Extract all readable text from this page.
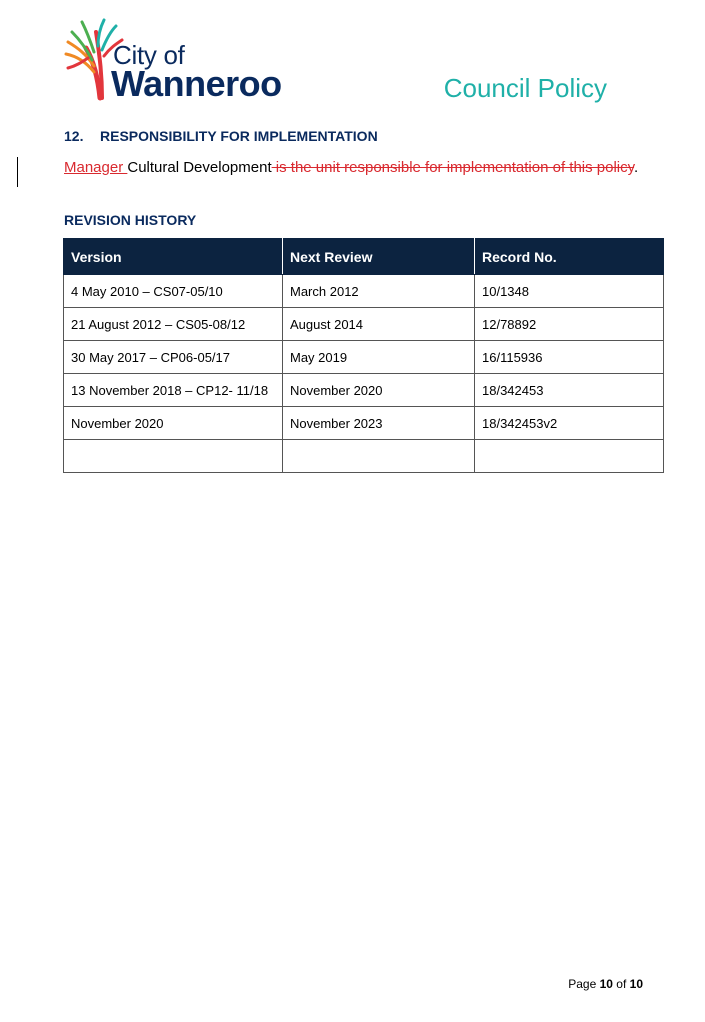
City of
Wanneroo	Council Policy
12. RESPONSIBILITY FOR IMPLEMENTATION
Manager Cultural Development is the unit responsible for implementation of this policy.
REVISION HISTORY
Version	Next Review	Record No.
4 May 2010 – CS07-05/10	March 2012	10/1348
21 August 2012 – CS05-08/12	August 2014	12/78892
30 May 2017 – CP06-05/17	May 2019	16/115936
13 November 2018 – CP12- 11/18	November 2020	18/342453
November 2020	November 2023	18/342453v2

Page 10 of 10
